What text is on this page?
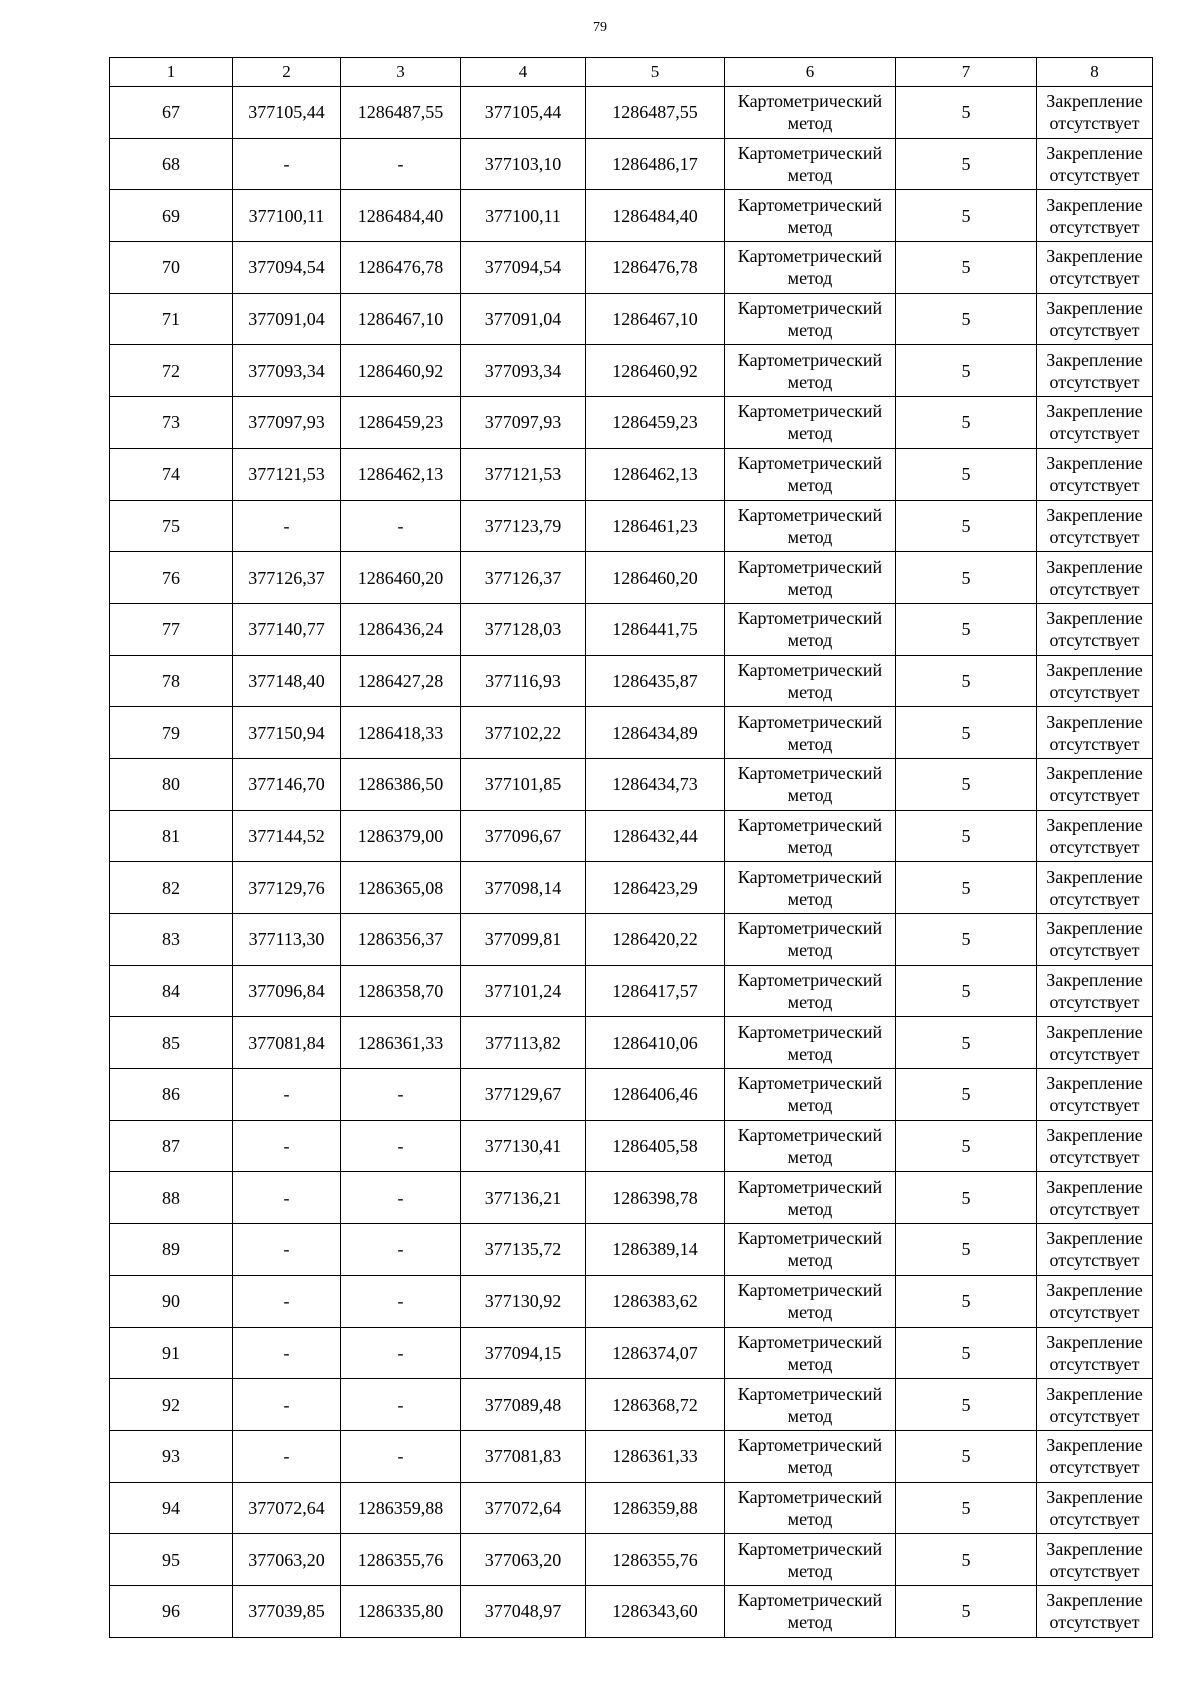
79
1	2	3	4	5	6	7	8
67	377105,44	1286487,55	377105,44	1286487,55	Картометрический метод	5	Закрепление отсутствует
68	-	-	377103,10	1286486,17	Картометрический метод	5	Закрепление отсутствует
69	377100,11	1286484,40	377100,11	1286484,40	Картометрический метод	5	Закрепление отсутствует
70	377094,54	1286476,78	377094,54	1286476,78	Картометрический метод	5	Закрепление отсутствует
71	377091,04	1286467,10	377091,04	1286467,10	Картометрический метод	5	Закрепление отсутствует
72	377093,34	1286460,92	377093,34	1286460,92	Картометрический метод	5	Закрепление отсутствует
73	377097,93	1286459,23	377097,93	1286459,23	Картометрический метод	5	Закрепление отсутствует
74	377121,53	1286462,13	377121,53	1286462,13	Картометрический метод	5	Закрепление отсутствует
75	-	-	377123,79	1286461,23	Картометрический метод	5	Закрепление отсутствует
76	377126,37	1286460,20	377126,37	1286460,20	Картометрический метод	5	Закрепление отсутствует
77	377140,77	1286436,24	377128,03	1286441,75	Картометрический метод	5	Закрепление отсутствует
78	377148,40	1286427,28	377116,93	1286435,87	Картометрический метод	5	Закрепление отсутствует
79	377150,94	1286418,33	377102,22	1286434,89	Картометрический метод	5	Закрепление отсутствует
80	377146,70	1286386,50	377101,85	1286434,73	Картометрический метод	5	Закрепление отсутствует
81	377144,52	1286379,00	377096,67	1286432,44	Картометрический метод	5	Закрепление отсутствует
82	377129,76	1286365,08	377098,14	1286423,29	Картометрический метод	5	Закрепление отсутствует
83	377113,30	1286356,37	377099,81	1286420,22	Картометрический метод	5	Закрепление отсутствует
84	377096,84	1286358,70	377101,24	1286417,57	Картометрический метод	5	Закрепление отсутствует
85	377081,84	1286361,33	377113,82	1286410,06	Картометрический метод	5	Закрепление отсутствует
86	-	-	377129,67	1286406,46	Картометрический метод	5	Закрепление отсутствует
87	-	-	377130,41	1286405,58	Картометрический метод	5	Закрепление отсутствует
88	-	-	377136,21	1286398,78	Картометрический метод	5	Закрепление отсутствует
89	-	-	377135,72	1286389,14	Картометрический метод	5	Закрепление отсутствует
90	-	-	377130,92	1286383,62	Картометрический метод	5	Закрепление отсутствует
91	-	-	377094,15	1286374,07	Картометрический метод	5	Закрепление отсутствует
92	-	-	377089,48	1286368,72	Картометрический метод	5	Закрепление отсутствует
93	-	-	377081,83	1286361,33	Картометрический метод	5	Закрепление отсутствует
94	377072,64	1286359,88	377072,64	1286359,88	Картометрический метод	5	Закрепление отсутствует
95	377063,20	1286355,76	377063,20	1286355,76	Картометрический метод	5	Закрепление отсутствует
96	377039,85	1286335,80	377048,97	1286343,60	Картометрический метод	5	Закрепление отсутствует
